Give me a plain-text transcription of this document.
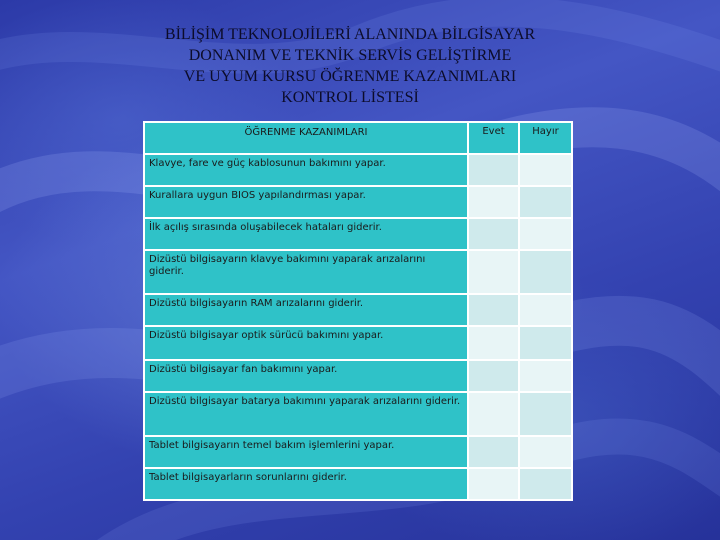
BİLİŞİM TEKNOLOJİLERİ ALANINDA BİLGİSAYAR
DONANIM VE TEKNİK SERVİS GELİŞTİRME
VE UYUM KURSU ÖĞRENME KAZANIMLARI
KONTROL LİSTESİ
ÖĞRENME KAZANIMLARI	Evet	Hayır
Klavye, fare ve güç kablosunun bakımını yapar.		
Kurallara uygun BIOS yapılandırması yapar.		
İlk açılış sırasında oluşabilecek hataları giderir.		
Dizüstü bilgisayarın klavye bakımını yaparak arızalarını giderir.		
Dizüstü bilgisayarın RAM arızalarını giderir.		
Dizüstü bilgisayar optik sürücü bakımını yapar.		
Dizüstü bilgisayar fan bakımını yapar.		
Dizüstü bilgisayar batarya bakımını yaparak arızalarını giderir.		
Tablet bilgisayarın temel bakım işlemlerini yapar.		
Tablet bilgisayarların sorunlarını giderir.		
